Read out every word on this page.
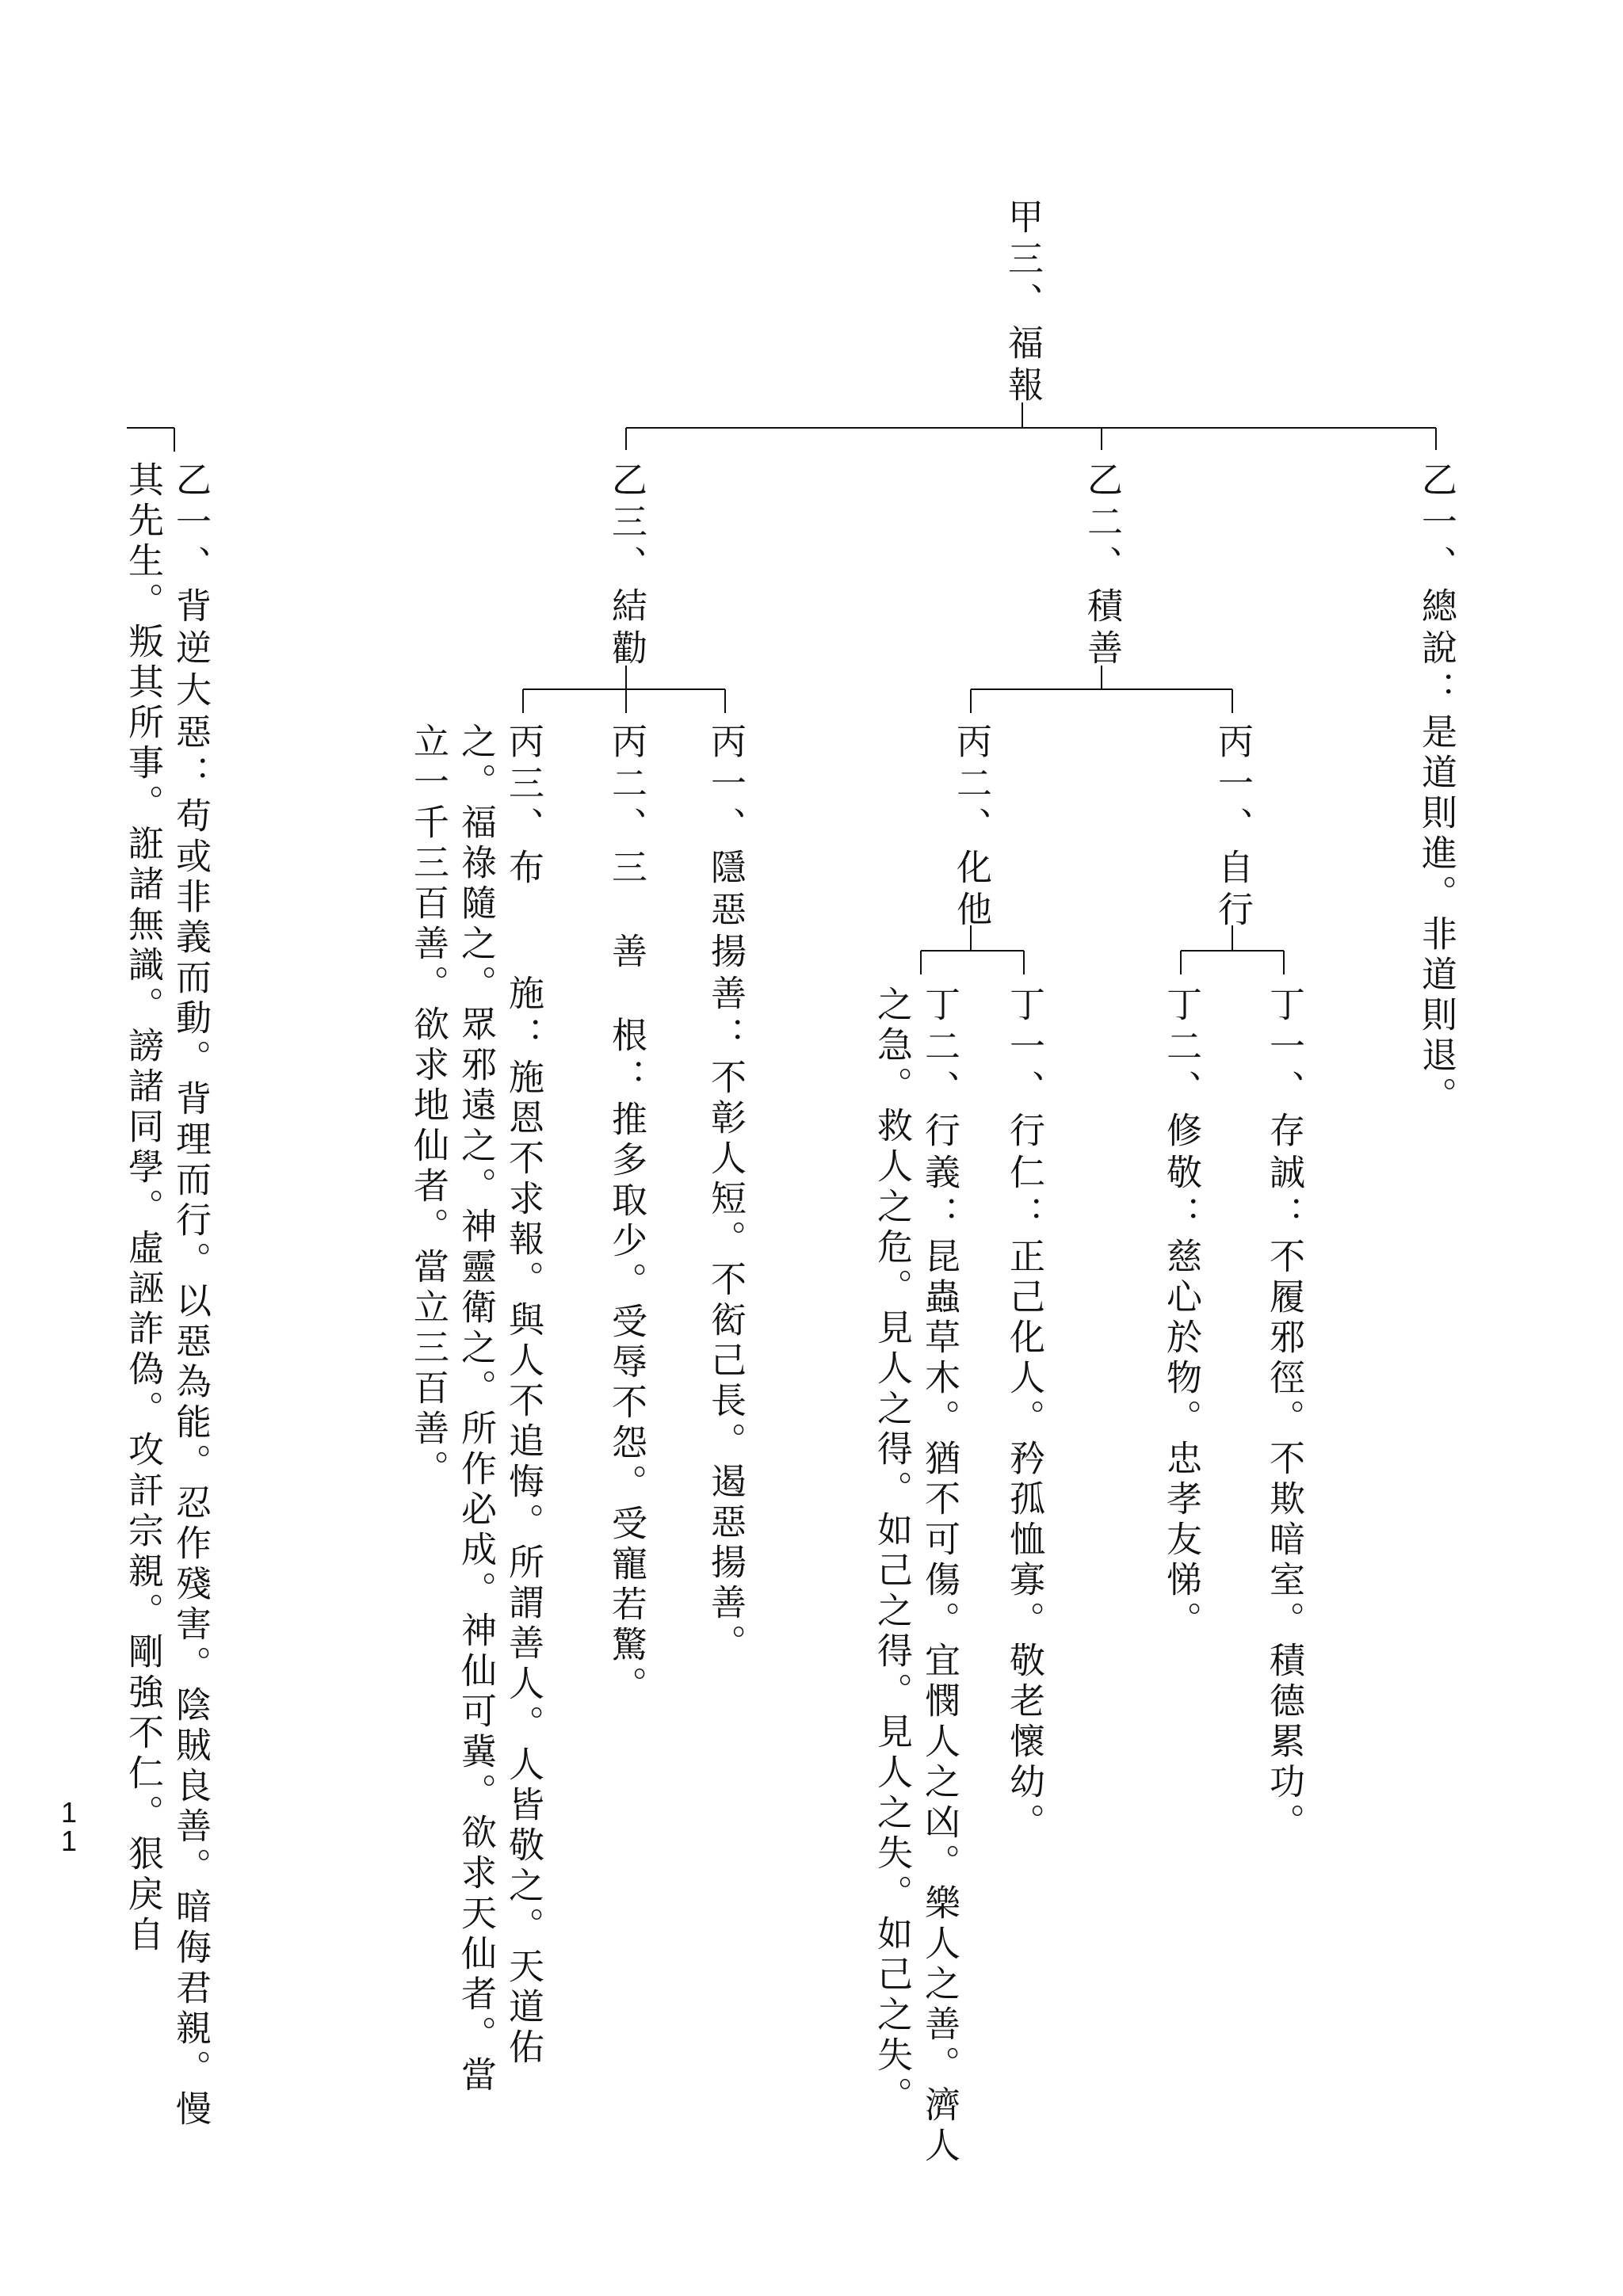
甲三、福報
乙一、總說：是道則進。非道則退。
乙二、積善
丙一、自行
丁一、存誠：不履邪徑。不欺暗室。積德累功。
丁二、修敬：慈心於物。忠孝友悌。
丙二、化他
丁一、行仁：正己化人。矜孤恤寡。敬老懷幼。
丁二、行義：昆蟲草木。猶不可傷。宜憫人之凶。樂人之善。濟人之急。救人之危。見人之得。如己之得。見人之失。如己之失。
乙三、結勸
丙一、隱惡揚善：不彰人短。不衒己長。遏惡揚善。
丙二、三　善　根：推多取少。受辱不怨。受寵若驚。
丙三、布　　施：施恩不求報。與人不追悔。所謂善人。人皆敬之。天道佑之。福祿隨之。眾邪遠之。神靈衛之。所作必成。神仙可冀。欲求天仙者。當立一千三百善。欲求地仙者。當立三百善。
乙一、背逆大惡：苟或非義而動。背理而行。以惡為能。忍作殘害。陰賊良善。暗侮君親。慢其先生。叛其所事。誑諸無識。謗諸同學。虛誣詐偽。攻訐宗親。剛強不仁。狠戾自
1
1
